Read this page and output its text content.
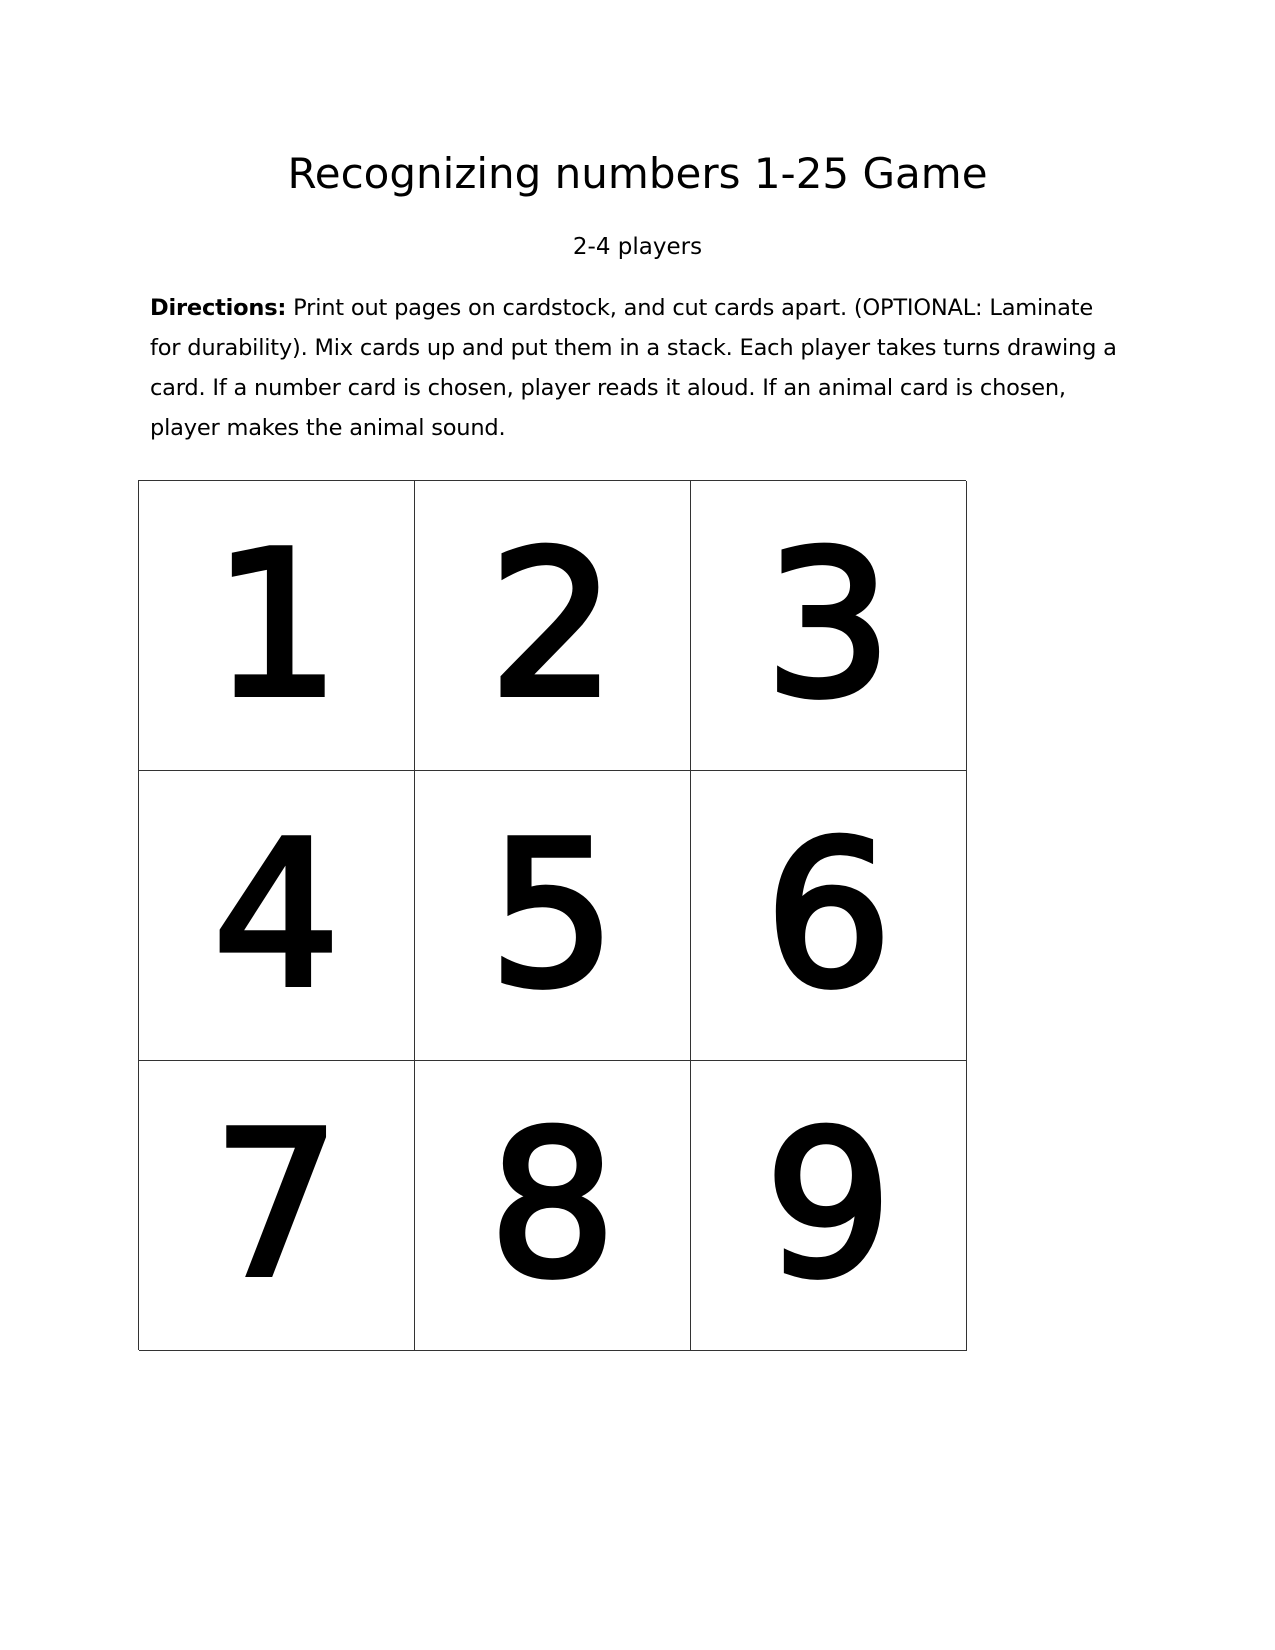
Recognizing numbers 1-25 Game

2-4 players

Directions: Print out pages on cardstock, and cut cards apart. (OPTIONAL: Laminate for durability). Mix cards up and put them in a stack. Each player takes turns drawing a card. If a number card is chosen, player reads it aloud. If an animal card is chosen, player makes the animal sound.

1 2 3
4 5 6
7 8 9
